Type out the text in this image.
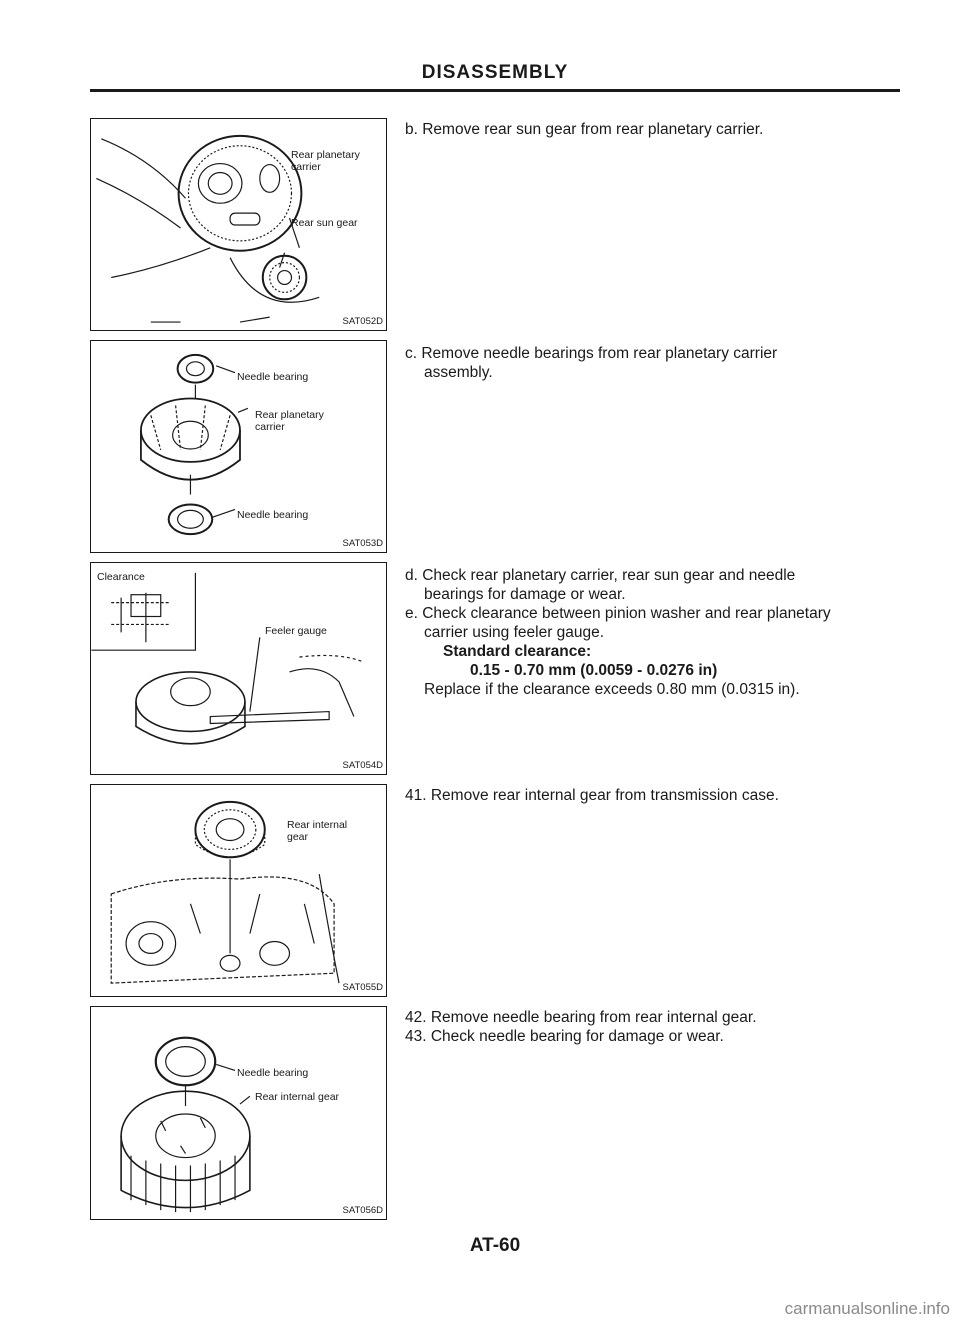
DISASSEMBLY
Rear planetary carrier
Rear sun gear
SAT052D
Needle bearing
Rear planetary carrier
Needle bearing
SAT053D
Clearance
Feeler gauge
SAT054D
Rear internal gear
SAT055D
Needle bearing
Rear internal gear
SAT056D

b. Remove rear sun gear from rear planetary carrier.

c. Remove needle bearings from rear planetary carrier

assembly.

d. Check rear planetary carrier, rear sun gear and needle

bearings for damage or wear.

e. Check clearance between pinion washer and rear planetary

carrier using feeler gauge.

Standard clearance:

0.15 - 0.70 mm (0.0059 - 0.0276 in)

Replace if the clearance exceeds 0.80 mm (0.0315 in).

41. Remove rear internal gear from transmission case.

42. Remove needle bearing from rear internal gear.

43. Check needle bearing for damage or wear.

AT-60
carmanualsonline.info
